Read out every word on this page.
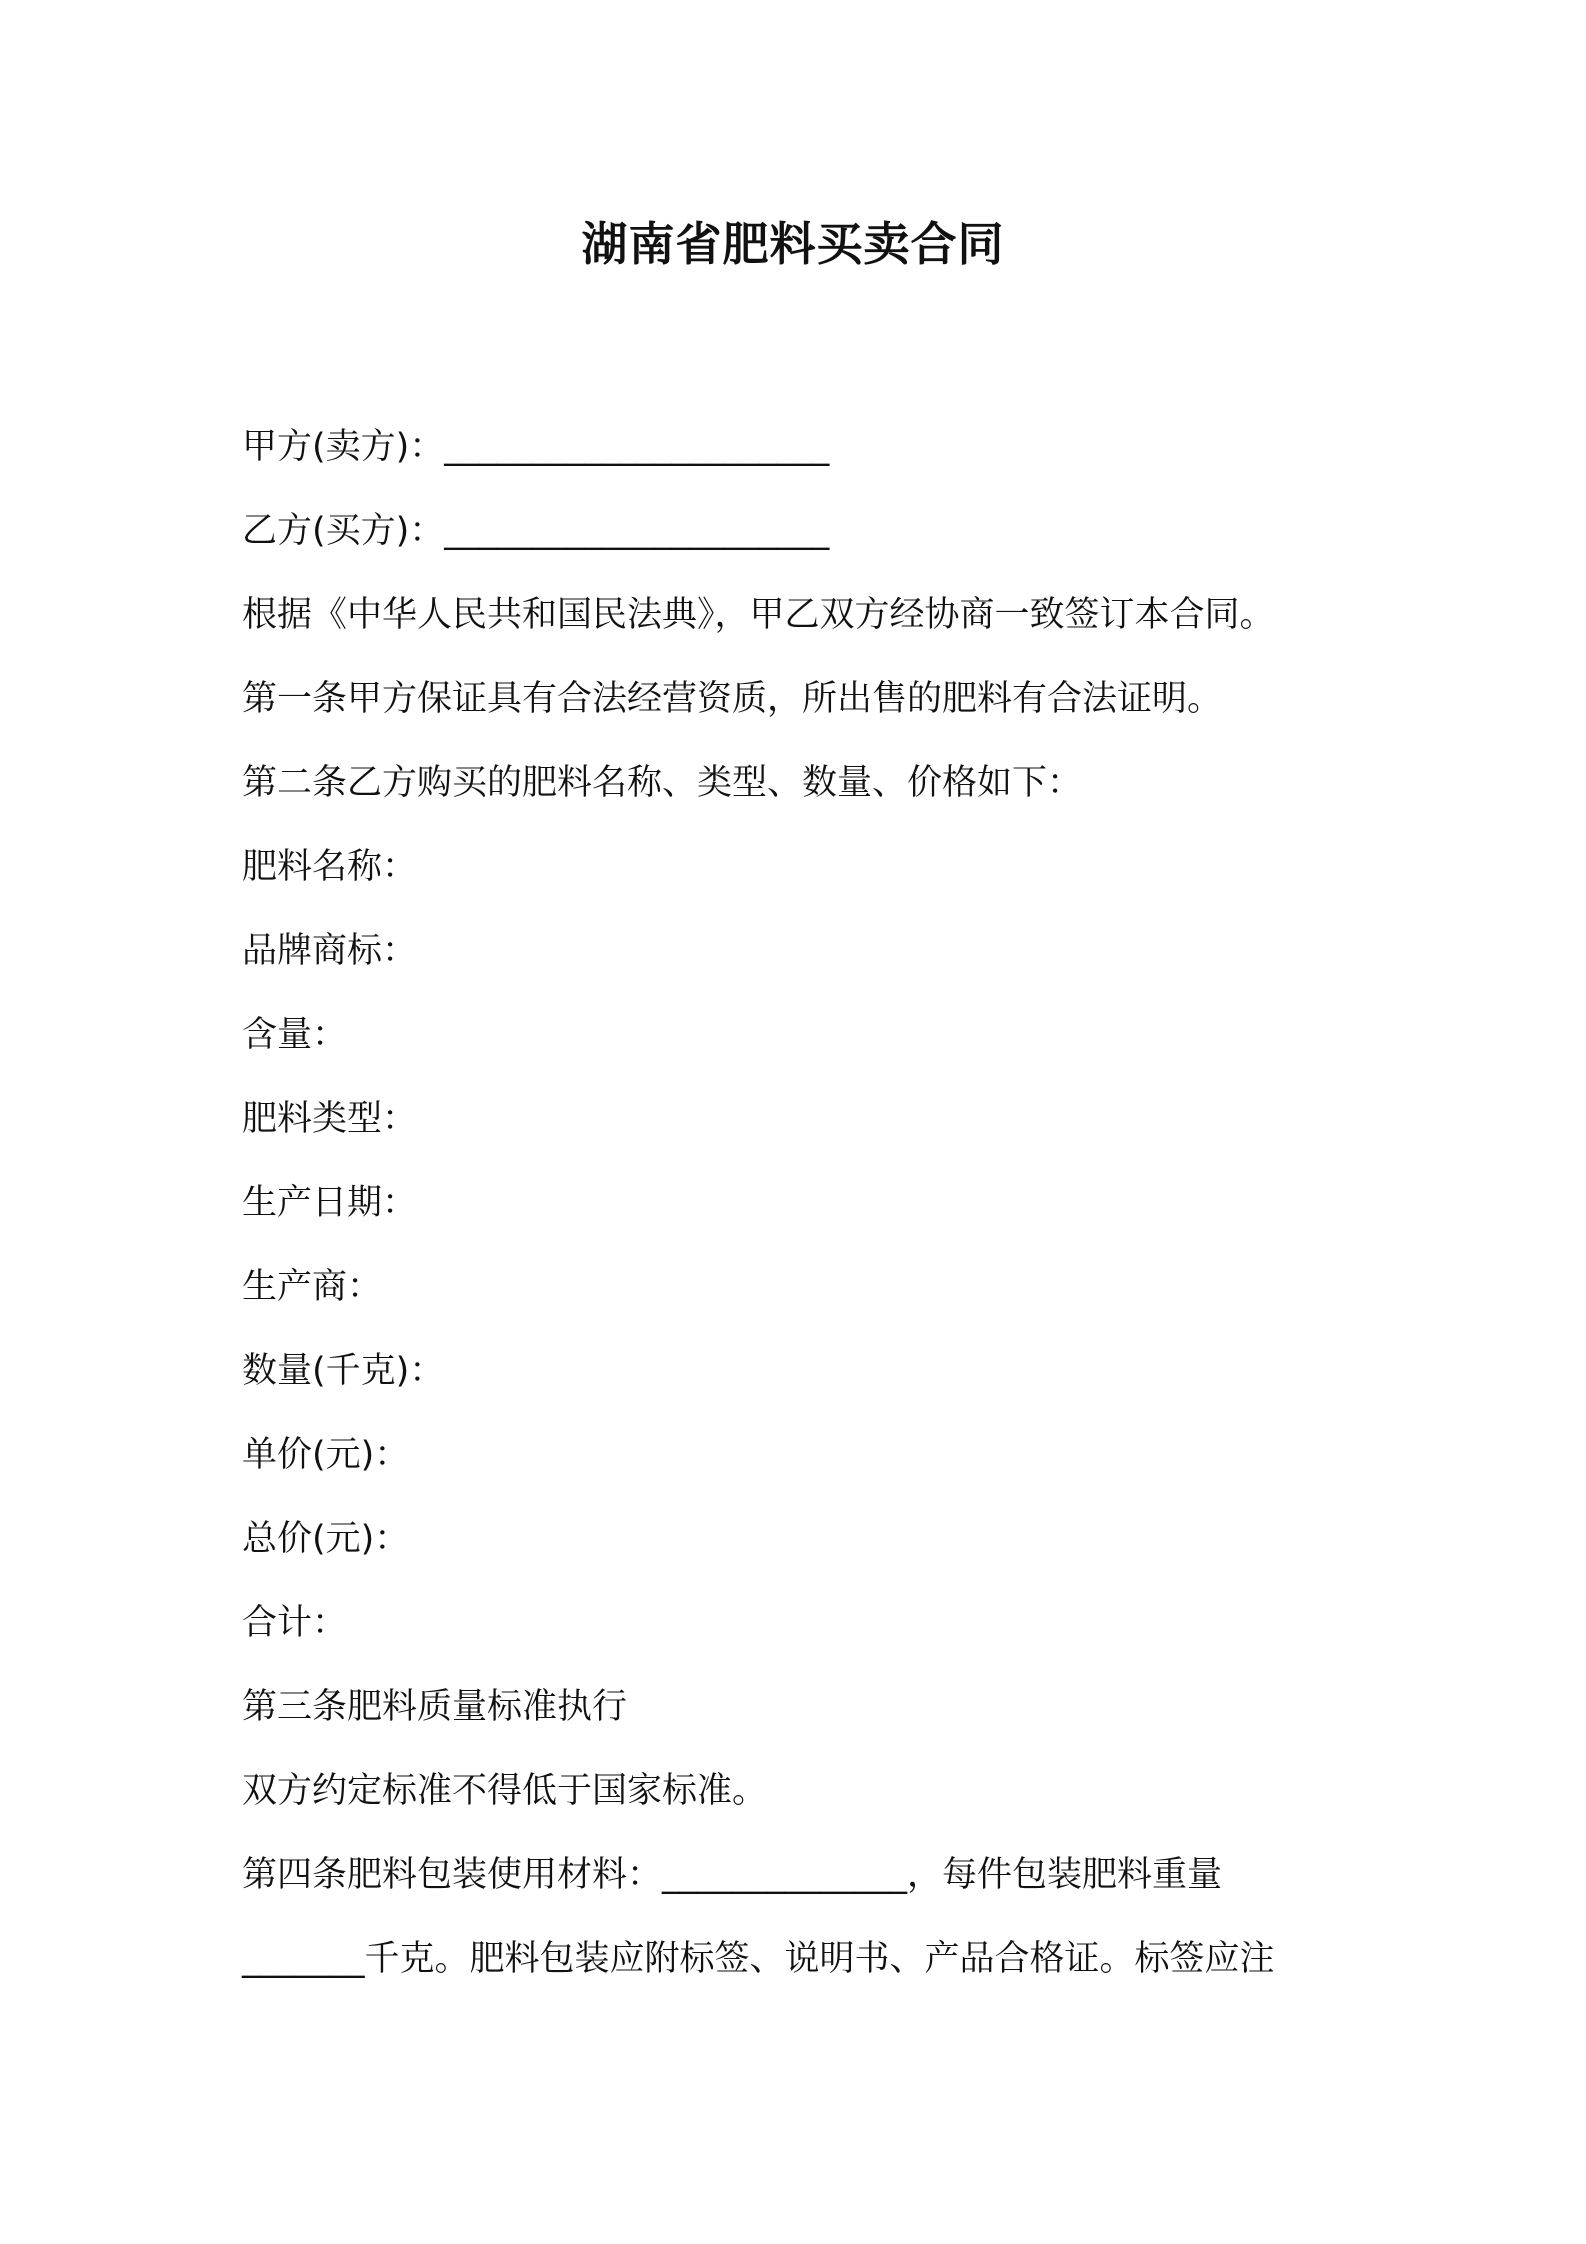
湖南省肥料买卖合同
甲方(卖方)：______________________
乙方(买方)：______________________
根据《中华人民共和国民法典》，甲乙双方经协商一致签订本合同。
第一条甲方保证具有合法经营资质，所出售的肥料有合法证明。
第二条乙方购买的肥料名称、类型、数量、价格如下：
肥料名称：
品牌商标：
含量：
肥料类型：
生产日期：
生产商：
数量(千克)：
单价(元)：
总价(元)：
合计：
第三条肥料质量标准执行
双方约定标准不得低于国家标准。
第四条肥料包装使用材料：______________，每件包装肥料重量
_______千克。肥料包装应附标签、说明书、产品合格证。标签应注
